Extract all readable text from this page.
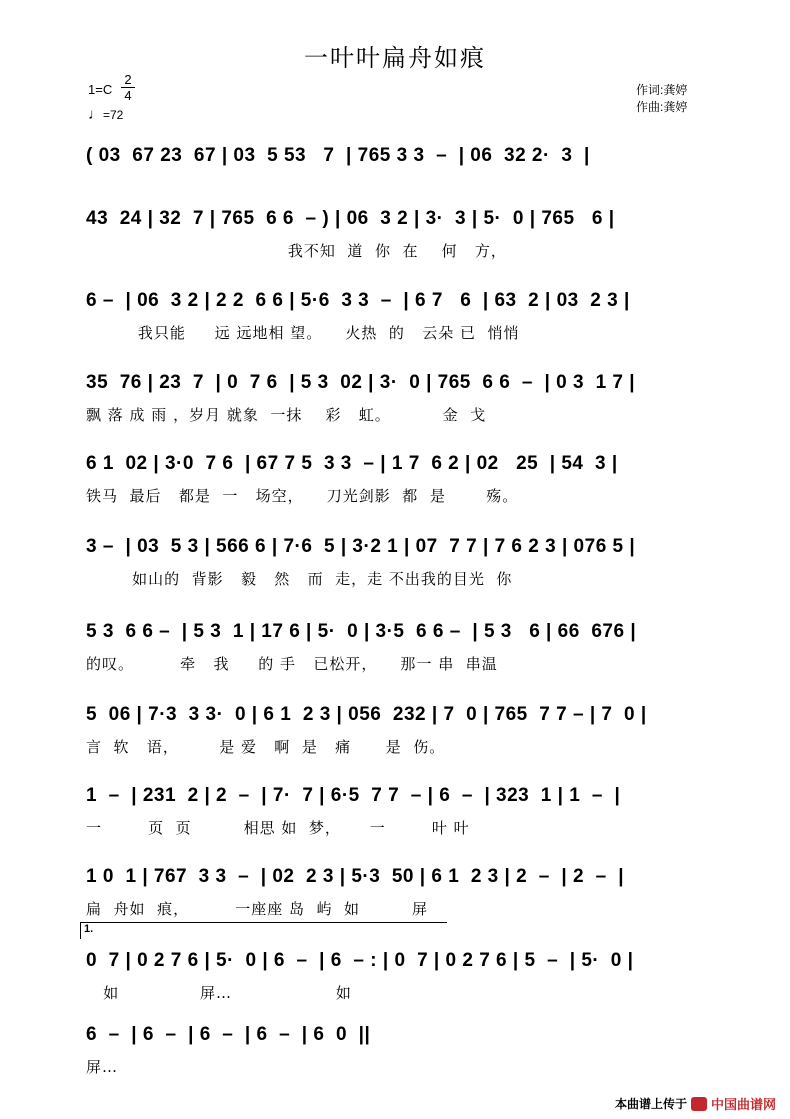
一叶叶扁舟如痕
1=C
2
4
♩=72
作词:龚婷
作曲:龚婷
( 03  67 23  67 | 03  5 53   7  | 765 3 3  –  | 06  32 2·  3  |
43  24 | 32  7 | 765  6 6  – ) | 06  3 2 | 3·  3 | 5·  0 | 765   6 |
我不知  道  你  在    何   方，
6 –  | 06  3 2 | 2 2  6 6 | 5·6  3 3  –  | 6 7   6  | 63  2 | 03  2 3 |
我只能     远 远地相 望。    火热  的   云朵 已  悄悄
35  76 | 23  7  | 0  7 6  | 5 3  02 | 3·  0 | 765  6 6  –  | 0 3  1 7 |
飘 落 成 雨 ，岁月 就象  一抹    彩   虹。         金  戈
6 1  02 | 3·0  7 6  | 67 7 5  3 3  – | 1 7  6 2 | 02   25  | 54  3 |
铁马  最后   都是  一   场空，    刀光剑影  都  是       殇。
3 –  | 03  5 3 | 566 6 | 7·6  5 | 3·2 1 | 07  7 7 | 7 6 2 3 | 076 5 |
如山的  背影   毅   然   而  走，走 不出我的目光  你
5 3  6 6 –  | 5 3  1 | 17 6 | 5·  0 | 3·5  6 6 –  | 5 3   6 | 66  676 |
的叹。        牵   我     的 手   已松开，    那一 串  串温
5  06 | 7·3  3 3·  0 | 6 1  2 3 | 056  232 | 7  0 | 765  7 7 – | 7  0 |
言  软   语，       是 爱   啊  是   痛      是  伤。
1  –  | 231  2 | 2  –  | 7·  7 | 6·5  7 7  – | 6  –  | 323  1 | 1  –  |
一        页  页         相思 如  梦，     一        叶 叶
1 0  1 | 767  3 3  –  | 02  2 3 | 5·3  50 | 6 1  2 3 | 2  –  | 2  –  |
扁  舟如  痕，        一座座 岛  屿  如         屏
0  7 | 0 2 7 6 | 5·  0 | 6  –  | 6  – : | 0  7 | 0 2 7 6 | 5  –  | 5·  0 |
如              屏…                  如
6  –  | 6  –  | 6  –  | 6  –  | 6  0  ||
屏…
1.
本曲谱上传于 中国曲谱网
